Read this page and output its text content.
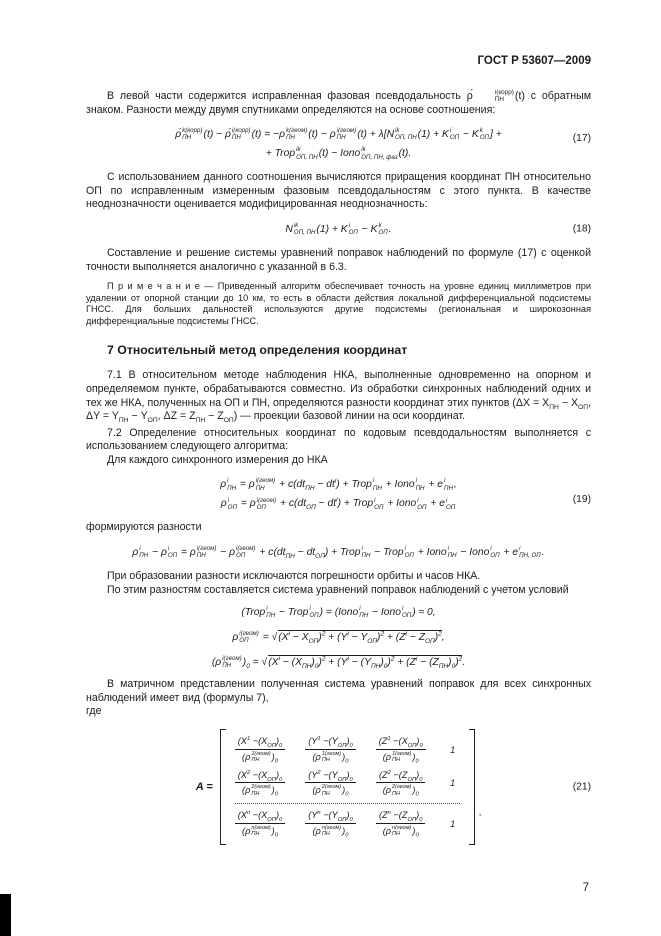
ГОСТ Р 53607—2009

В левой части содержится исправленная фазовая псевдодальность ρ́	i(корр)
ПН (t) с обратным знаком. Разности между двумя спутниками определяются на основе соотношения:

ρ́ k(корр)
ПН (t) − ρ́ i(корр)
ПН (t) = −ρ k(геом)
ПН (t) − ρ i(геом)
ПН (t) + λ[N ik
ОП, ПН (1) + K i
ОП − K k
ОП ] +
+ Trop ik
ОП, ПН (t) − Iono ik
ОП, ПН, фаз (t).
(17)

С использованием данного соотношения вычисляются приращения координат ПН относительно ОП по исправленным измеренным фазовым псевдодальностям с этого пункта. В качестве неоднозначности оценивается модифицированная неоднозначность:

N ik
ОП, ПН (1) + K i
ОП − K k
ОП .	(18)

Составление и решение системы уравнений поправок наблюдений по формуле (17) с оценкой точности выполняется аналогично с указанной в 6.3.

П р и м е ч а н и е — Приведенный алгоритм обеспечивает точность на уровне единиц миллиметров при удалении от опорной станции до 10 км, то есть в области действия локальной дифференциальной подсистемы ГНСС. Для больших дальностей используются другие подсистемы (региональная и широкозонная дифференциальные подсистемы ГНСС.

7 Относительный метод определения координат

7.1 В относительном методе наблюдения НКА, выполненные одновременно на опорном и определяемом пункте, обрабатываются совместно. Из обработки синхронных наблюдений одних и тех же НКА, полученных на ОП и ПН, определяются разности координат этих пунктов ($\Delta X = X_{ПН} - X_{ОП}$, $\Delta Y = Y_{ПН} - Y_{ОП}$, $\Delta Z = Z_{ПН} - Z_{ОП}$) — проекции базовой линии на оси координат.

7.2 Определение относительных координат по кодовым псевдодальностям выполняется с использованием следующего алгоритма:

Для каждого синхронного измерения до НКА

ρ i
ПН = ρ i(геом)
ПН + $c(dt_{ПН} - dt^i)$ + Trop i
ПН + Iono i
ПН + e i
ПН ,
ρ i
ОП = ρ i(геом)
ОП + $c(dt_{ОП} - dt^i)$ + Trop i
ОП + Iono i
ОП + e i
ОП
(19)

формируются разности

ρ i
ПН − ρ i
ОП = ρ i(геом)
ПН − ρ i(геом)
ОП + $c(dt_{ПН} - dt_{ОП})$ + Trop i
ПН − Trop i
ОП + Iono i
ПН − Iono i
ОП + e i
ПН, ОП .

При образовании разности исключаются погрешности орбиты и часов НКА.

По этим разностям составляется система уравнений поправок наблюдений с учетом условий

(Trop i
ПН − Trop i
ОП ) = (Iono i
ПН − Iono i
ОП ) ≈ 0,
ρ i(геом)
ОП = $√(X^i - X_{ОП})^2 + (Y^i - Y_{ОП})^2 + (Z^i - Z_{ОП})^2$,
(ρ i(геом)
ПН )$_0 = √(X^i - (X_{ПН})_0)^2 + (Y^i - (Y_{ПН})_0)^2 + (Z^i - (Z_{ПН})_0)^2$.

В матричном представлении полученная система уравнений поправок для всех синхронных наблюдений имеет вид (формулы 7),

где

A =
($X^1 -(X_{ОП})_0$
(ρ 1(геом)
ПН )$_0$
($Y^1 -(Y_{ОП})_0$
(ρ 1(геом)
ПН )$_0$
($Z^1 -(X_{ОП})_0$
(ρ 1(геом)
ПН )$_0$
1
($X^2 -(X_{ОП})_0$
(ρ 2(геом)
ПН )$_0$
($Y^2 -(Y_{ОП})_0$
(ρ 2(геом)
ПН )$_0$
($Z^2 -(Z_{ОП})_0$
(ρ 2(геом)
ПН )$_0$
1
($X^n -(X_{ОП})_0$
(ρ n(геом)
ПН )$_0$
($Y^n -(Y_{ОП})_0$
(ρ n(геом)
ПН )$_0$
($Z^n -(Z_{ОП})_0$
(ρ n(геом)
ПН )$_0$
1
,
(21)
7
